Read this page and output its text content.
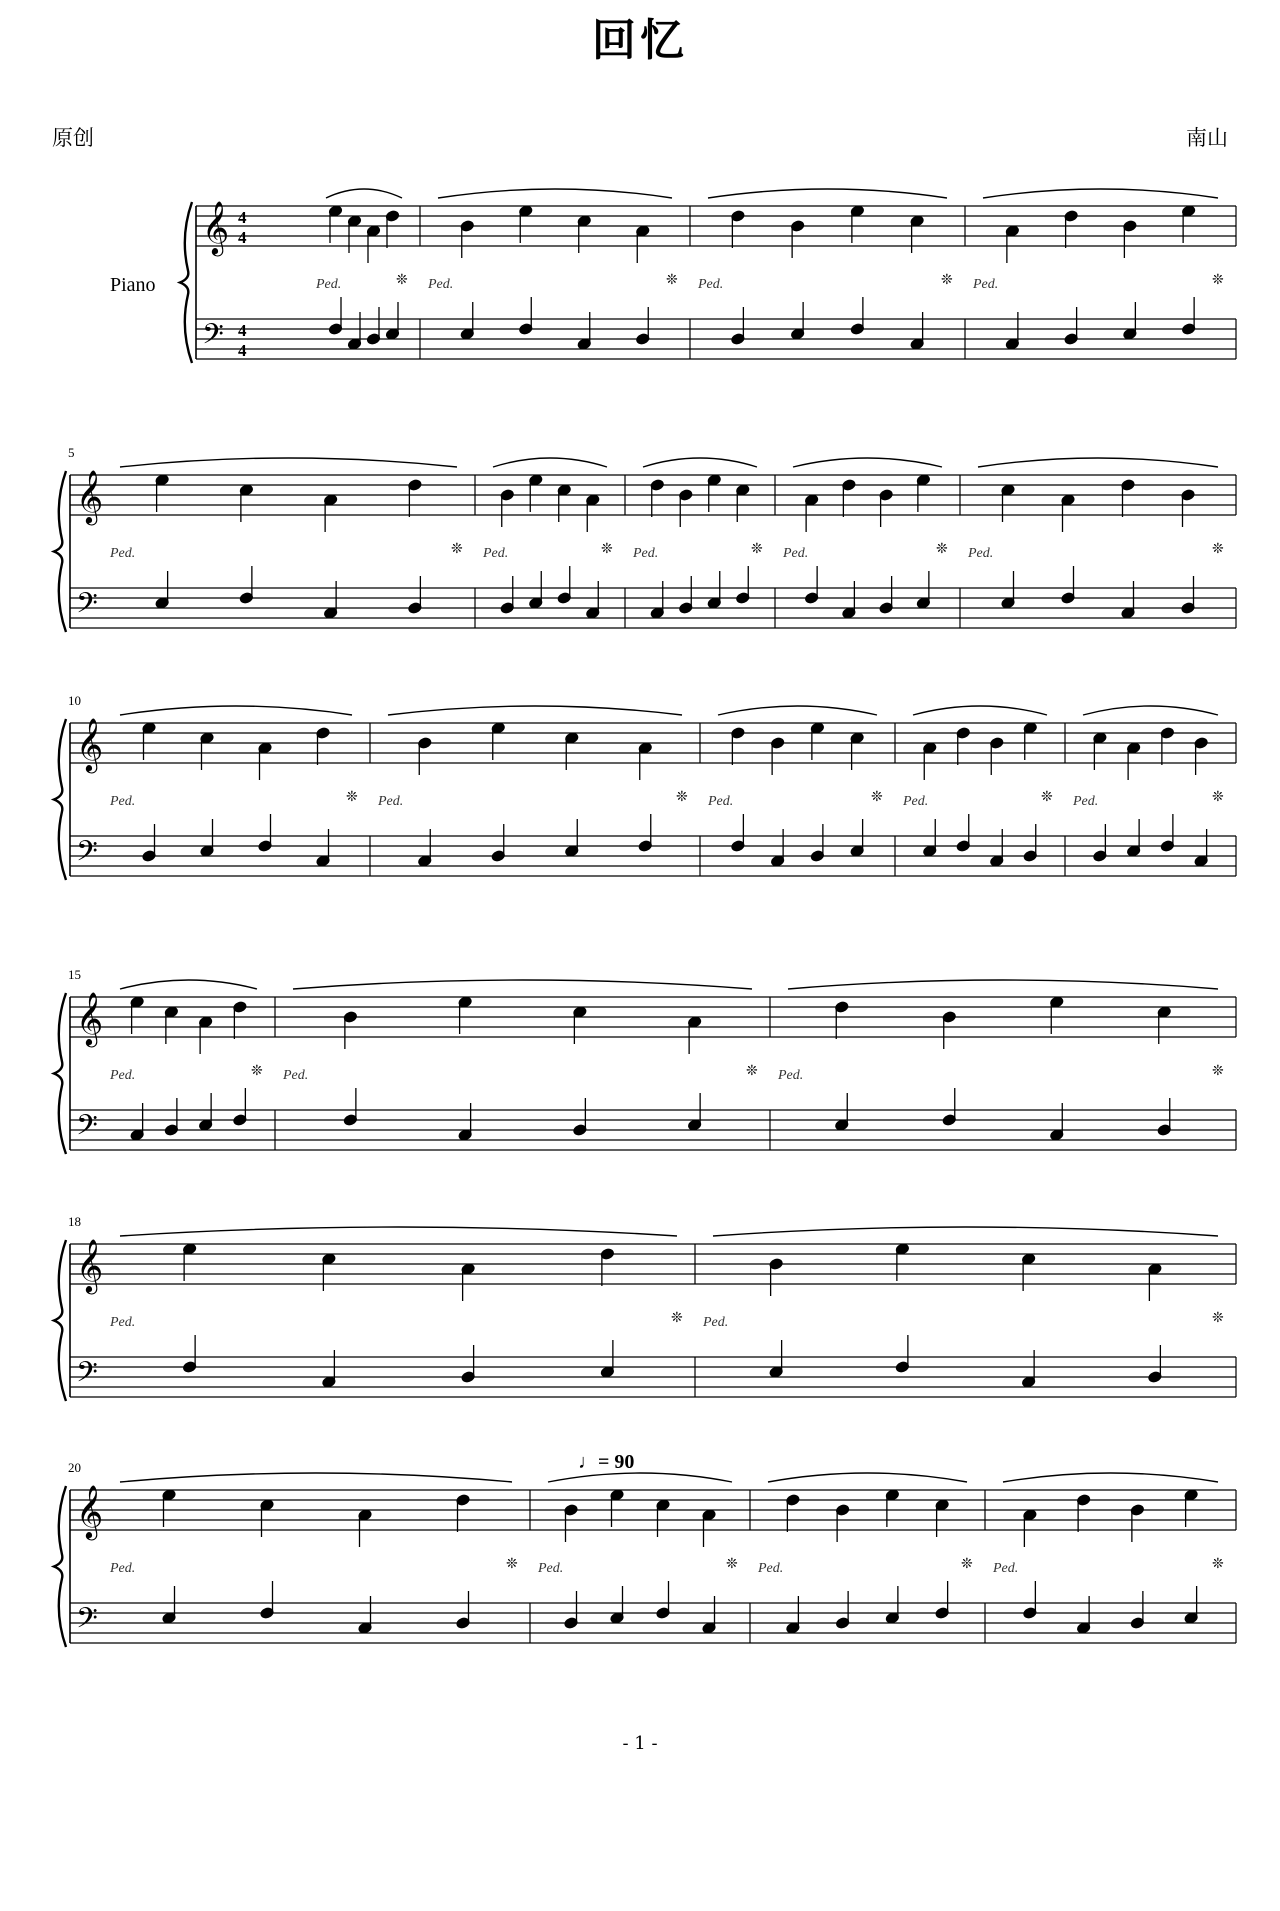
回忆
原创	南山
𝄞
𝄢
Ped.	❊ Ped.	❊ Ped.	❊ Ped.	❊
𝄞
𝄢
5
Ped.	❊ Ped.	❊ Ped.	❊ Ped.	❊ Ped.	❊
𝄞
𝄢
10
Ped.	❊ Ped.	❊ Ped.	❊ Ped.	❊ Ped.	❊
𝄞
𝄢
15
Ped.	❊ Ped.	❊ Ped.	❊
𝄞
𝄢
18
Ped.	❊ Ped.	❊
𝄞
𝄢
20
Ped.	❊ Ped.	❊ Ped.	❊ Ped.	❊
Piano
4
4
4
4
♩= 90
- 1 -
